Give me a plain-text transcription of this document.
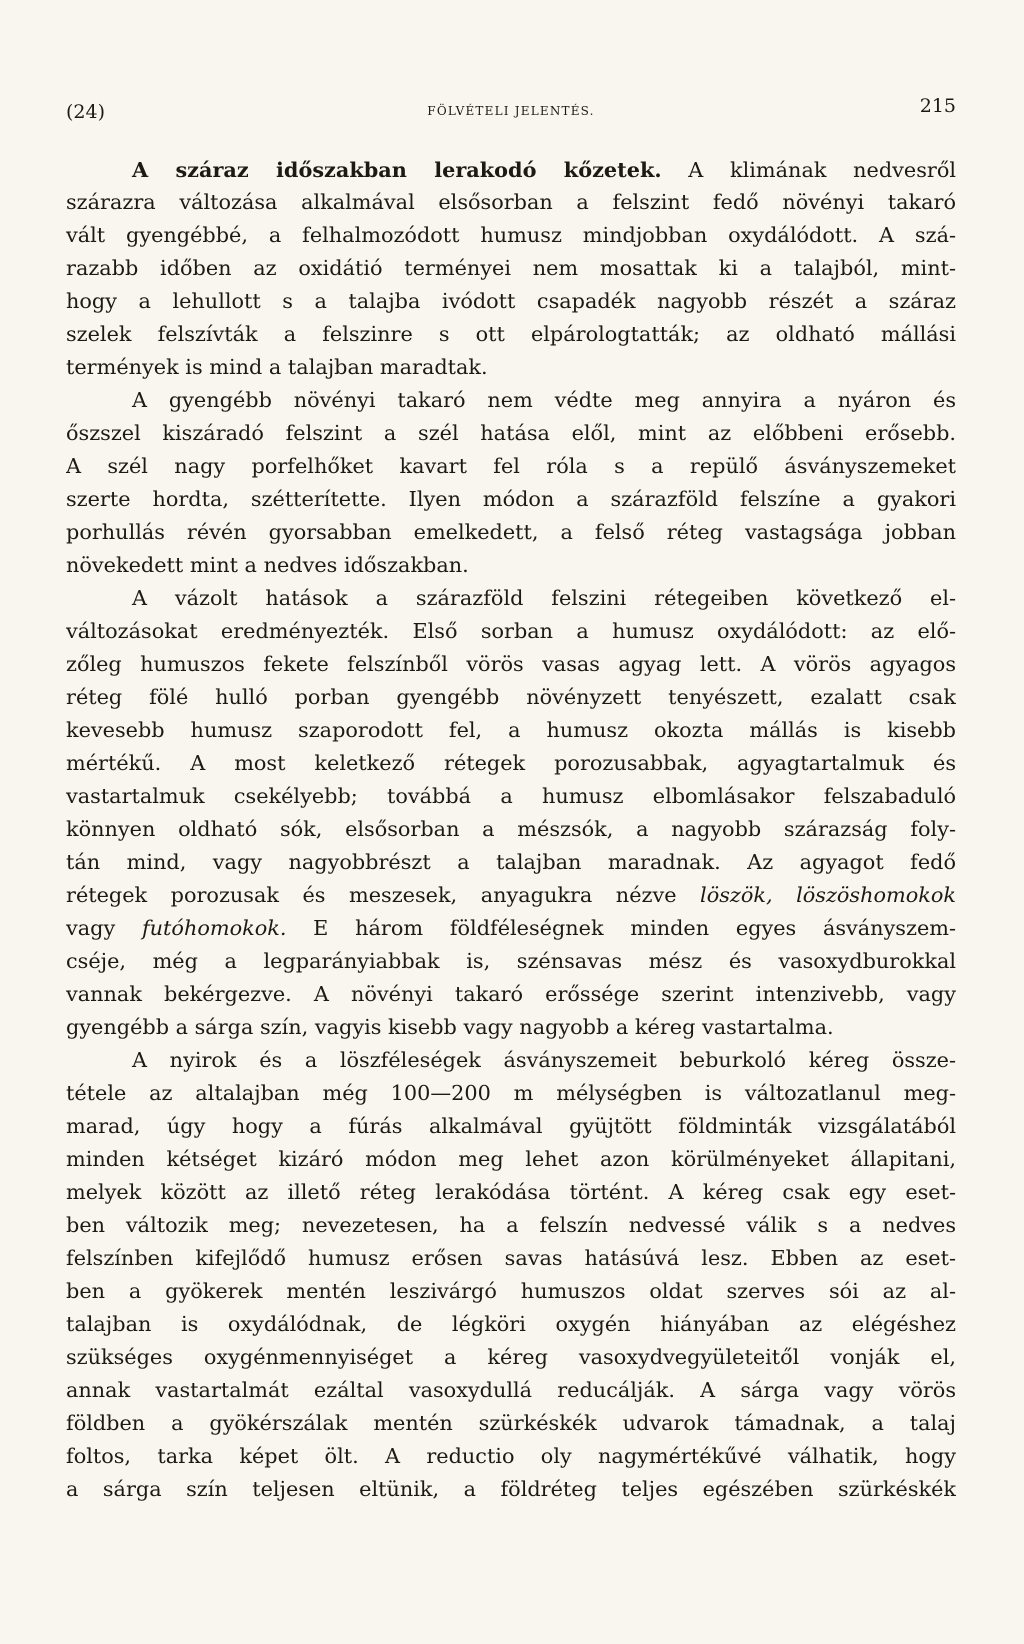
(24)	FÖLVÉTELI JELENTÉS.	215
A száraz időszakban lerakodó kőzetek. A klimának nedvesről
szárazra változása alkalmával elsősorban a felszint fedő növényi takaró
vált gyengébbé, a felhalmozódott humusz mindjobban oxydálódott. A szá-
razabb időben az oxidátió terményei nem mosattak ki a talajból, mint-
hogy a lehullott s a talajba ivódott csapadék nagyobb részét a száraz
szelek felszívták a felszinre s ott elpárologtatták; az oldható mállási
termények is mind a talajban maradtak.
A gyengébb növényi takaró nem védte meg annyira a nyáron és
őszszel kiszáradó felszint a szél hatása elől, mint az előbbeni erősebb.
A szél nagy porfelhőket kavart fel róla s a repülő ásványszemeket
szerte hordta, szétterítette. Ilyen módon a szárazföld felszíne a gyakori
porhullás révén gyorsabban emelkedett, a felső réteg vastagsága jobban
növekedett mint a nedves időszakban.
A vázolt hatások a szárazföld felszini rétegeiben következő el-
változásokat eredményezték. Első sorban a humusz oxydálódott: az elő-
zőleg humuszos fekete felszínből vörös vasas agyag lett. A vörös agyagos
réteg fölé hulló porban gyengébb növényzett tenyészett, ezalatt csak
kevesebb humusz szaporodott fel, a humusz okozta mállás is kisebb
mértékű. A most keletkező rétegek porozusabbak, agyagtartalmuk és
vastartalmuk csekélyebb; továbbá a humusz elbomlásakor felszabaduló
könnyen oldható sók, elsősorban a mészsók, a nagyobb szárazság foly-
tán mind, vagy nagyobbrészt a talajban maradnak. Az agyagot fedő
rétegek porozusak és meszesek, anyagukra nézve löszök, löszöshomokok
vagy futóhomokok. E három földféleségnek minden egyes ásványszem-
cséje, még a legparányiabbak is, szénsavas mész és vasoxydburokkal
vannak bekérgezve. A növényi takaró erőssége szerint intenzivebb, vagy
gyengébb a sárga szín, vagyis kisebb vagy nagyobb a kéreg vastartalma.
A nyirok és a löszféleségek ásványszemeit beburkoló kéreg össze-
tétele az altalajban még 100—200 m mélységben is változatlanul meg-
marad, úgy hogy a fúrás alkalmával gyüjtött földminták vizsgálatából
minden kétséget kizáró módon meg lehet azon körülményeket állapitani,
melyek között az illető réteg lerakódása történt. A kéreg csak egy eset-
ben változik meg; nevezetesen, ha a felszín nedvessé válik s a nedves
felszínben kifejlődő humusz erősen savas hatásúvá lesz. Ebben az eset-
ben a gyökerek mentén leszivárgó humuszos oldat szerves sói az al-
talajban is oxydálódnak, de légköri oxygén hiányában az elégéshez
szükséges oxygénmennyiséget a kéreg vasoxydvegyületeitől vonják el,
annak vastartalmát ezáltal vasoxydullá reducálják. A sárga vagy vörös
földben a gyökérszálak mentén szürkéskék udvarok támadnak, a talaj
foltos, tarka képet ölt. A reductio oly nagymértékűvé válhatik, hogy
a sárga szín teljesen eltünik, a földréteg teljes egészében szürkéskék
